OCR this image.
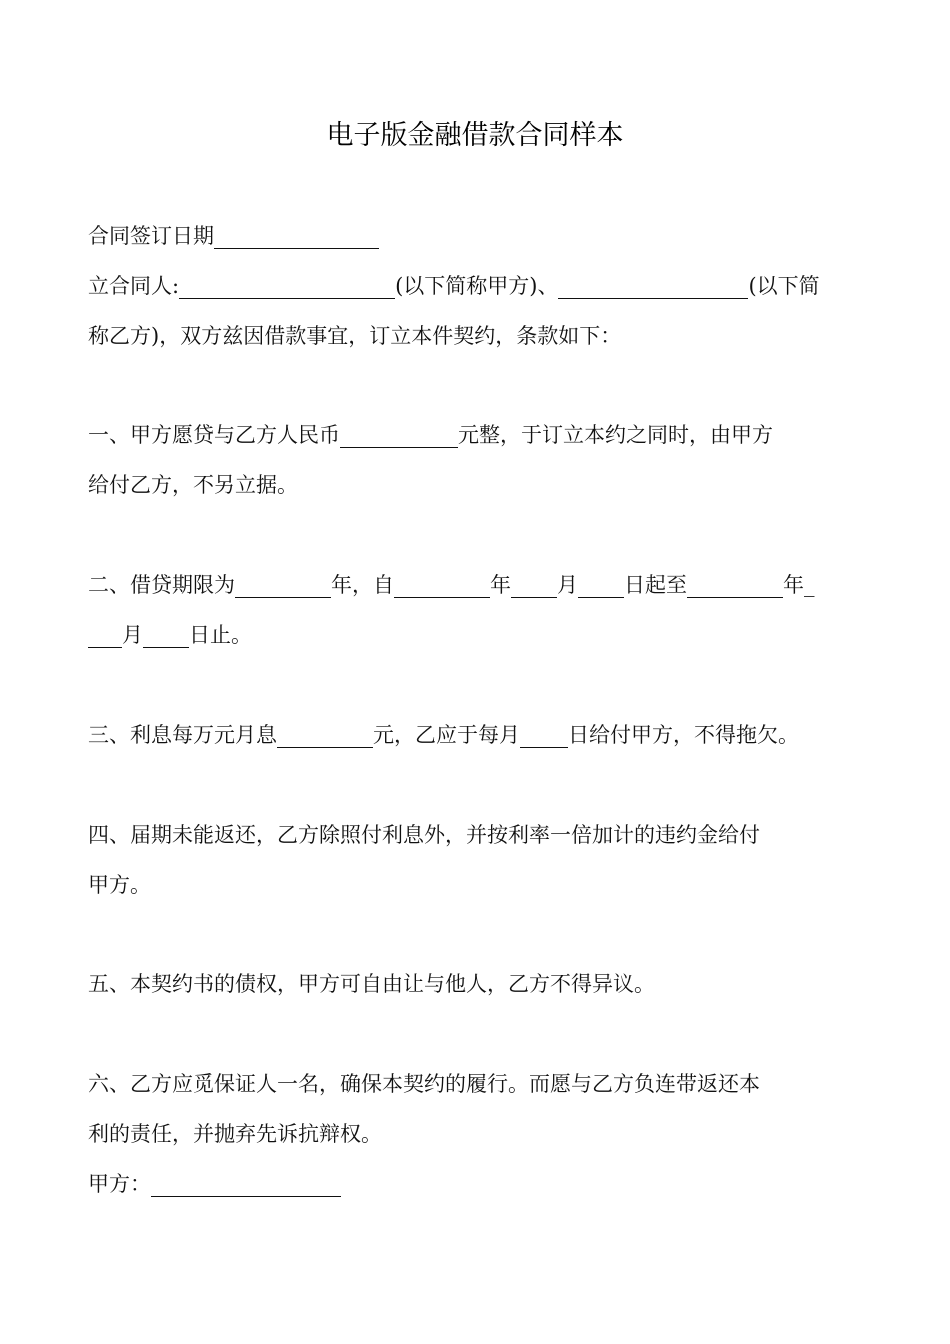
电子版金融借款合同样本

合同签订日期

立合同人:	(以下简称甲方)、	(以下简

称乙方)，双方兹因借款事宜，订立本件契约，条款如下：

一、甲方愿贷与乙方人民币	元整，于订立本约之同时，由甲方

给付乙方，不另立据。

二、借贷期限为	年，自	年 月 日起至	年_

月 日止。

三、利息每万元月息	元，乙应于每月 日给付甲方，不得拖欠。

四、届期未能返还，乙方除照付利息外，并按利率一倍加计的违约金给付

甲方。

五、本契约书的债权，甲方可自由让与他人，乙方不得异议。

六、乙方应觅保证人一名，确保本契约的履行。而愿与乙方负连带返还本

利的责任，并抛弃先诉抗辩权。

甲方：
